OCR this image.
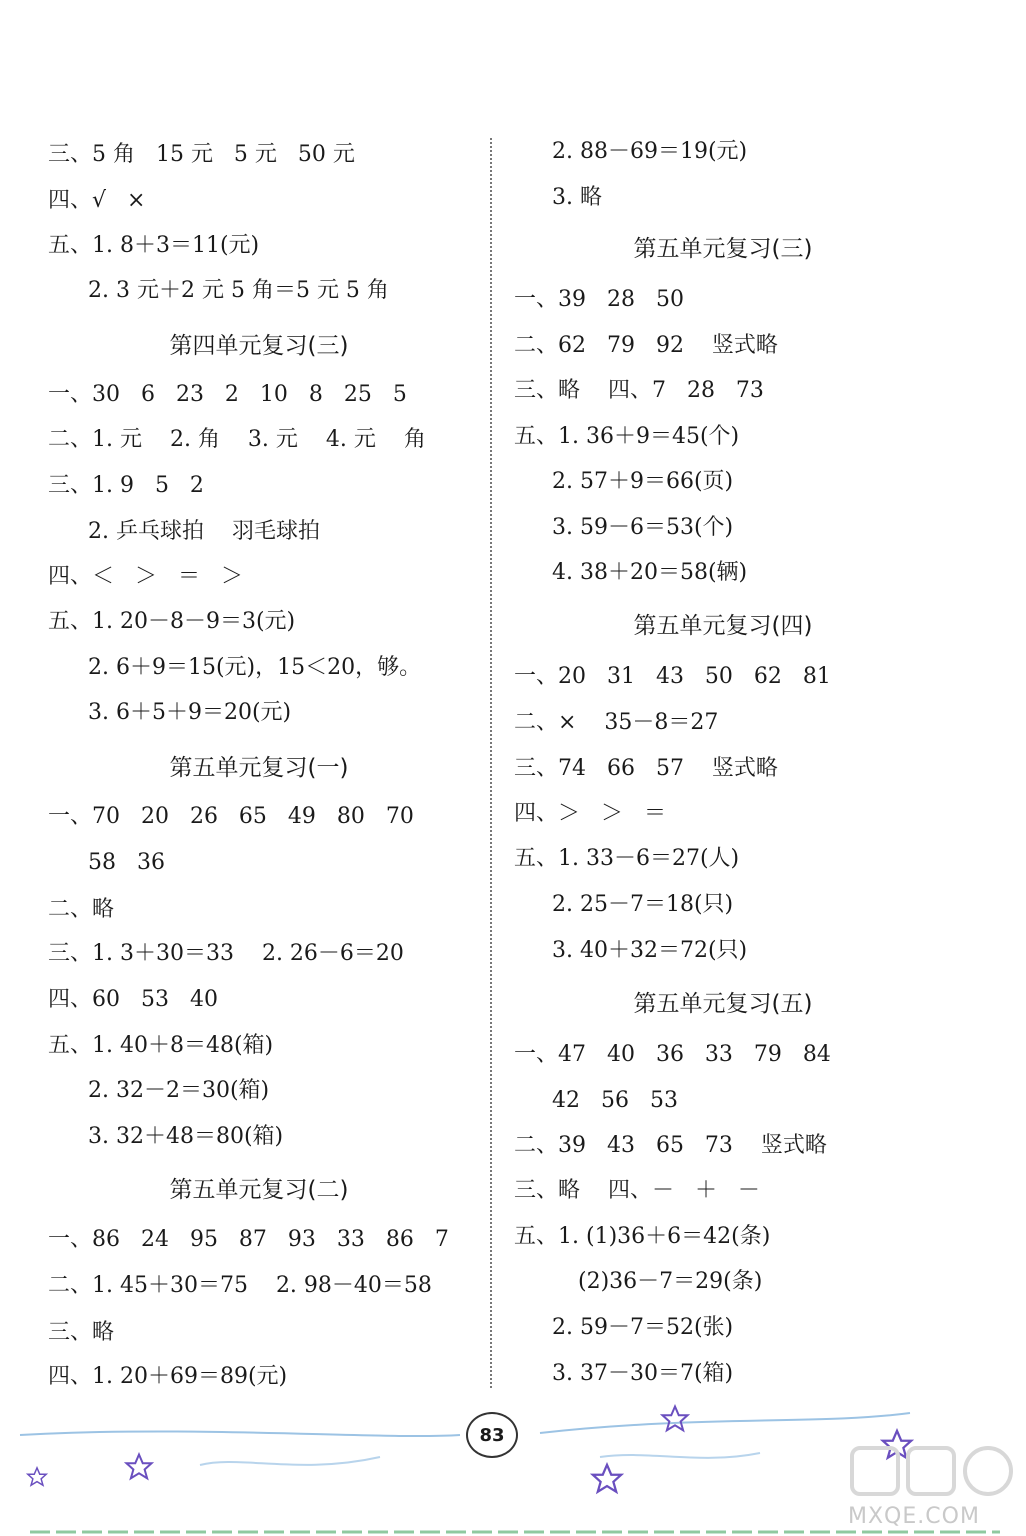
三、5 角   15 元   5 元   50 元
四、√   ×
五、1. 8＋3＝11(元)
2. 3 元＋2 元 5 角＝5 元 5 角
一、30   6   23   2   10   8   25   5
二、1. 元    2. 角    3. 元    4. 元    角
三、1. 9   5   2
2. 乒乓球拍    羽毛球拍
四、＜   ＞   ＝   ＞
五、1. 20－8－9＝3(元)
2. 6＋9＝15(元)，15＜20，够。
3. 6＋5＋9＝20(元)
一、70   20   26   65   49   80   70
58   36
二、略
三、1. 3＋30＝33    2. 26－6＝20
四、60   53   40
五、1. 40＋8＝48(箱)
2. 32－2＝30(箱)
3. 32＋48＝80(箱)
一、86   24   95   87   93   33   86   7
二、1. 45＋30＝75    2. 98－40＝58
三、略
四、1. 20＋69＝89(元)
第四单元复习(三)
第五单元复习(一)
第五单元复习(二)
2. 88－69＝19(元)
3. 略
一、39   28   50
二、62   79   92    竖式略
三、略    四、7   28   73
五、1. 36＋9＝45(个)
2. 57＋9＝66(页)
3. 59－6＝53(个)
4. 38＋20＝58(辆)
一、20   31   43   50   62   81
二、×    35－8＝27
三、74   66   57    竖式略
四、＞   ＞   ＝
五、1. 33－6＝27(人)
2. 25－7＝18(只)
3. 40＋32＝72(只)
一、47   40   36   33   79   84
42   56   53
二、39   43   65   73    竖式略
三、略    四、－   ＋   －
五、1. (1)36＋6＝42(条)
(2)36－7＝29(条)
2. 59－7＝52(张)
3. 37－30＝7(箱)
第五单元复习(三)
第五单元复习(四)
第五单元复习(五)
83
MXQE.COM
